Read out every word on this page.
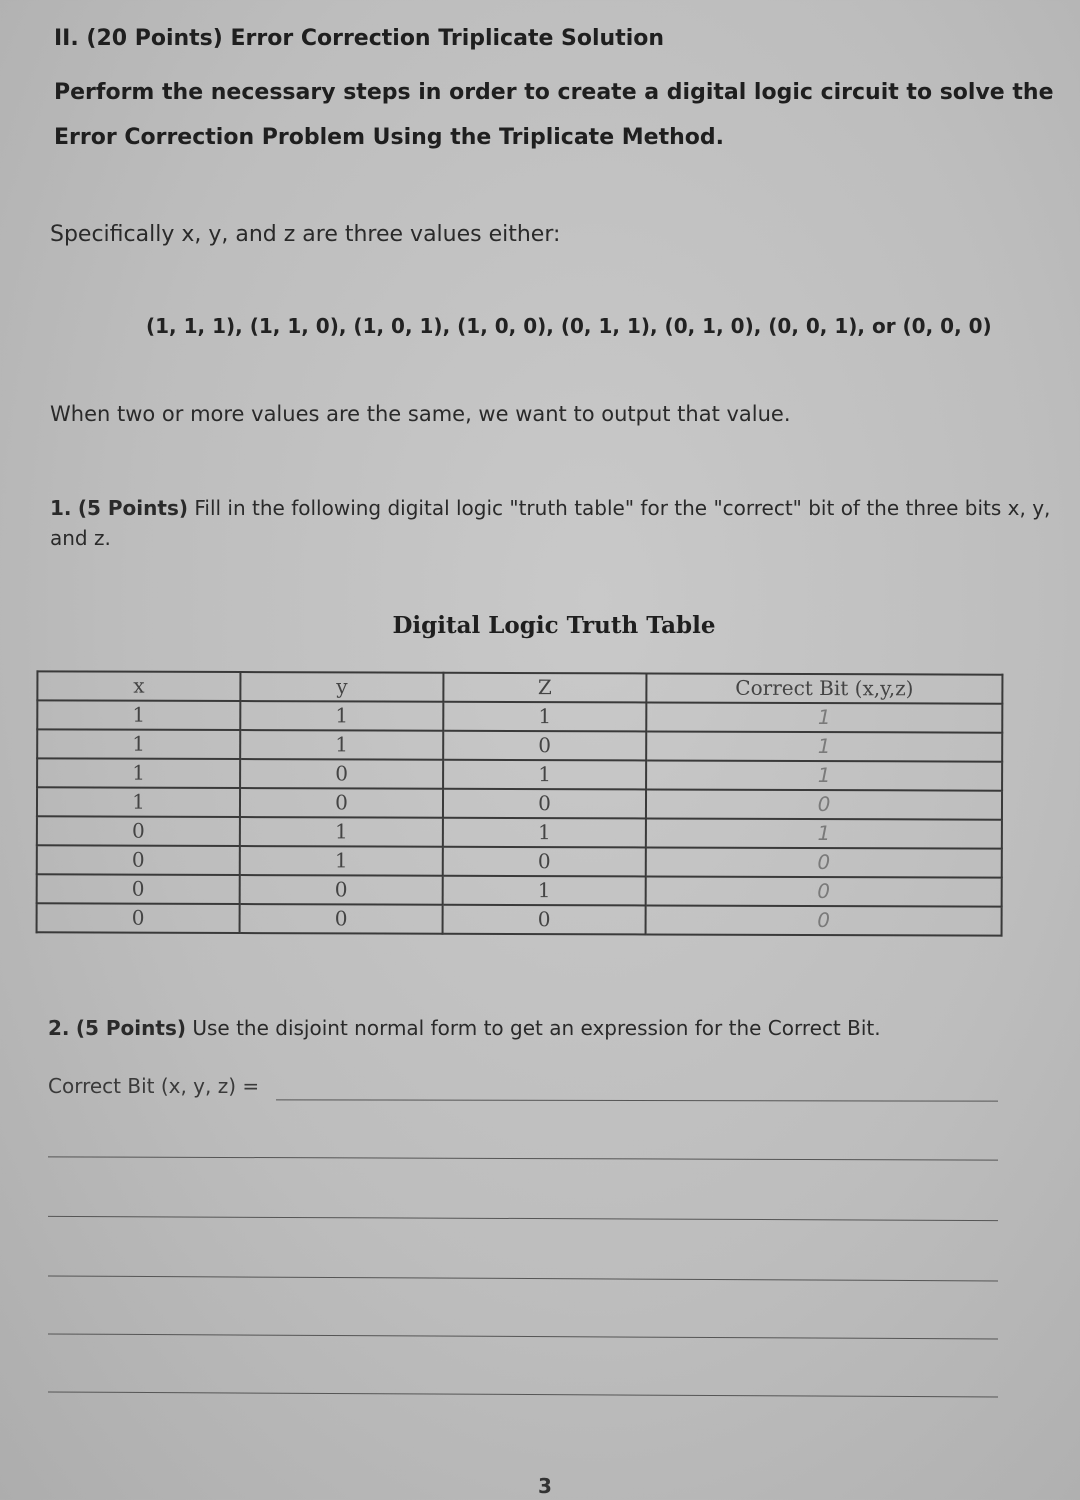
II. (20 Points) Error Correction Triplicate Solution
Perform the necessary steps in order to create a digital logic circuit to solve the Error Correction Problem Using the Triplicate Method.
Specifically x, y, and z are three values either:
(1, 1, 1), (1, 1, 0), (1, 0, 1), (1, 0, 0), (0, 1, 1), (0, 1, 0), (0, 0, 1), or (0, 0, 0)
When two or more values are the same, we want to output that value.
1. (5 Points) Fill in the following digital logic "truth table" for the "correct" bit of the three bits x, y, and z.
Digital Logic Truth Table
x	y	Z	Correct Bit (x,y,z)
1	1	1	1
1	1	0	1
1	0	1	1
1	0	0	0
0	1	1	1
0	1	0	0
0	0	1	0
0	0	0	0
2. (5 Points) Use the disjoint normal form to get an expression for the Correct Bit.
Correct Bit (x, y, z) =
3
